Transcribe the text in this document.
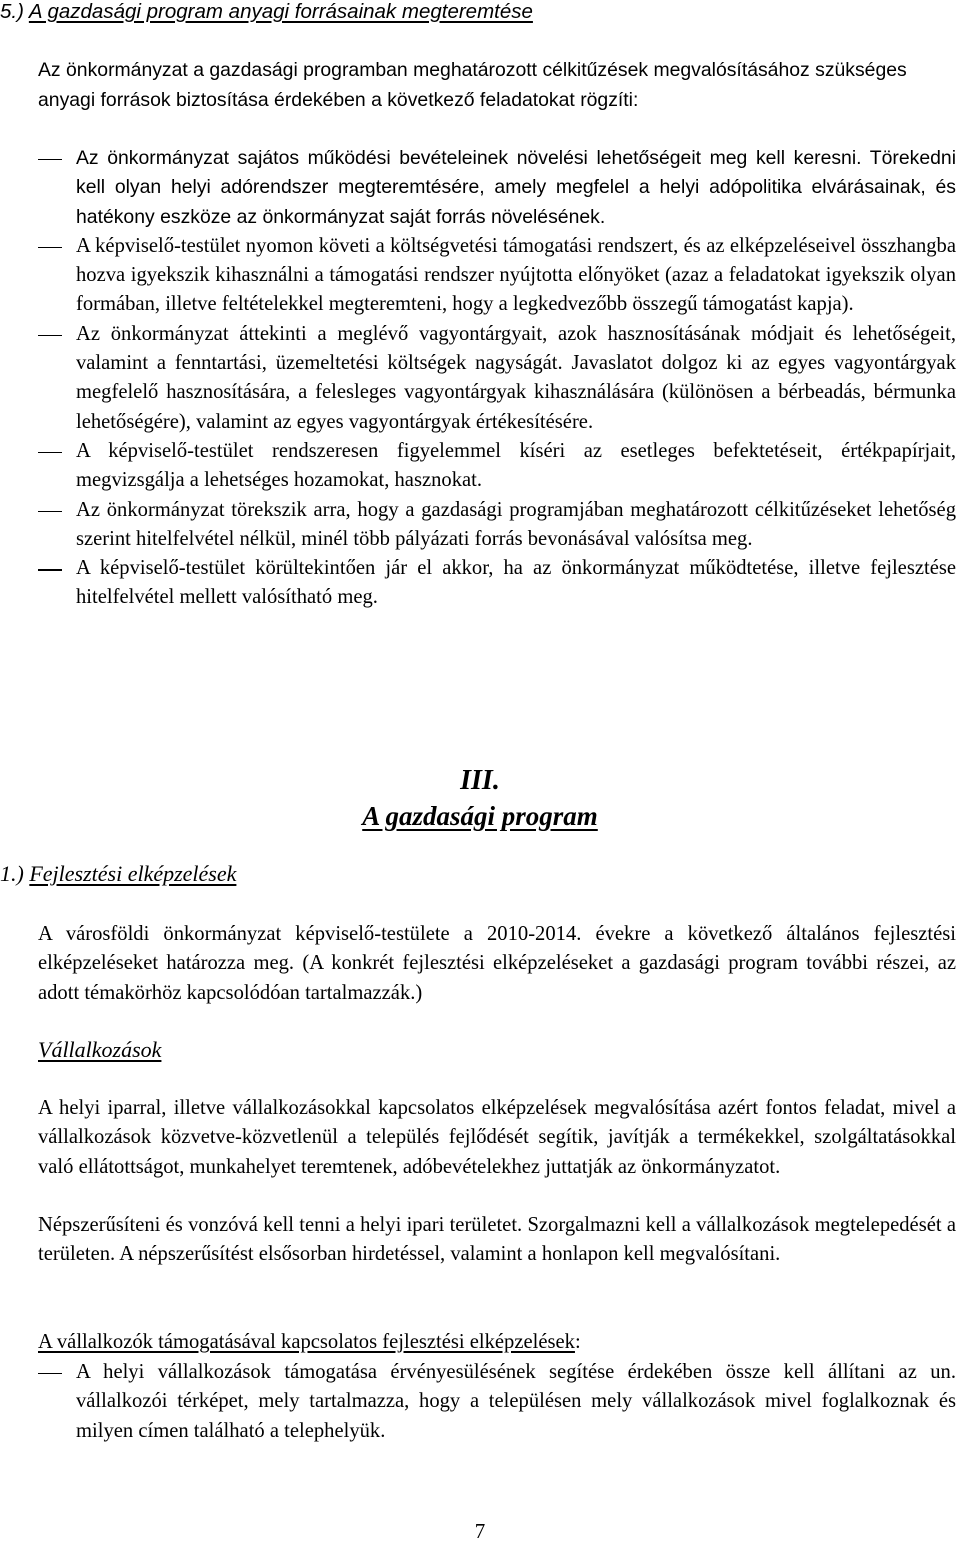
5.) A gazdasági program anyagi forrásainak megteremtése
Az önkormányzat a gazdasági programban meghatározott célkitűzések megvalósításához szükséges anyagi források biztosítása érdekében a következő feladatokat rögzíti:
Az önkormányzat sajátos működési bevételeinek növelési lehetőségeit meg kell keresni. Törekedni kell olyan helyi adórendszer megteremtésére, amely megfelel a helyi adópolitika elvárásainak, és hatékony eszköze az önkormányzat saját forrás növelésének.
A képviselő-testület nyomon követi a költségvetési támogatási rendszert, és az elképzeléseivel összhangba hozva igyekszik kihasználni a támogatási rendszer nyújtotta előnyöket (azaz a feladatokat igyekszik olyan formában, illetve feltételekkel megteremteni, hogy a legkedvezőbb összegű támogatást kapja).
Az önkormányzat áttekinti a meglévő vagyontárgyait, azok hasznosításának módjait és lehetőségeit, valamint a fenntartási, üzemeltetési költségek nagyságát. Javaslatot dolgoz ki az egyes vagyontárgyak megfelelő hasznosítására, a felesleges vagyontárgyak kihasználására (különösen a bérbeadás, bérmunka lehetőségére), valamint az egyes vagyontárgyak értékesítésére.
A képviselő-testület rendszeresen figyelemmel kíséri az esetleges befektetéseit, értékpapírjait, megvizsgálja a lehetséges hozamokat, hasznokat.
Az önkormányzat törekszik arra, hogy a gazdasági programjában meghatározott célkitűzéseket lehetőség szerint hitelfelvétel nélkül, minél több pályázati forrás bevonásával valósítsa meg.
A képviselő-testület körültekintően jár el akkor, ha az önkormányzat működtetése, illetve fejlesztése hitelfelvétel mellett valósítható meg.
III.
A gazdasági program
1.) Fejlesztési elképzelések
A városföldi önkormányzat képviselő-testülete a 2010-2014. évekre a következő általános fejlesztési elképzeléseket határozza meg. (A konkrét fejlesztési elképzeléseket a gazdasági program további részei, az adott témakörhöz kapcsolódóan tartalmazzák.)
Vállalkozások
A helyi iparral, illetve vállalkozásokkal kapcsolatos elképzelések megvalósítása azért fontos feladat, mivel a vállalkozások közvetve-közvetlenül a település fejlődését segítik, javítják a termékekkel, szolgáltatásokkal való ellátottságot, munkahelyet teremtenek, adóbevételekhez juttatják az önkormányzatot.
Népszerűsíteni és vonzóvá kell tenni a helyi ipari területet. Szorgalmazni kell a vállalkozások megtelepedését a területen. A népszerűsítést elsősorban hirdetéssel, valamint a honlapon kell megvalósítani.
A vállalkozók támogatásával kapcsolatos fejlesztési elképzelések:
A helyi vállalkozások támogatása érvényesülésének segítése érdekében össze kell állítani az un. vállalkozói térképet, mely tartalmazza, hogy a településen mely vállalkozások mivel foglalkoznak és milyen címen található a telephelyük.
7
